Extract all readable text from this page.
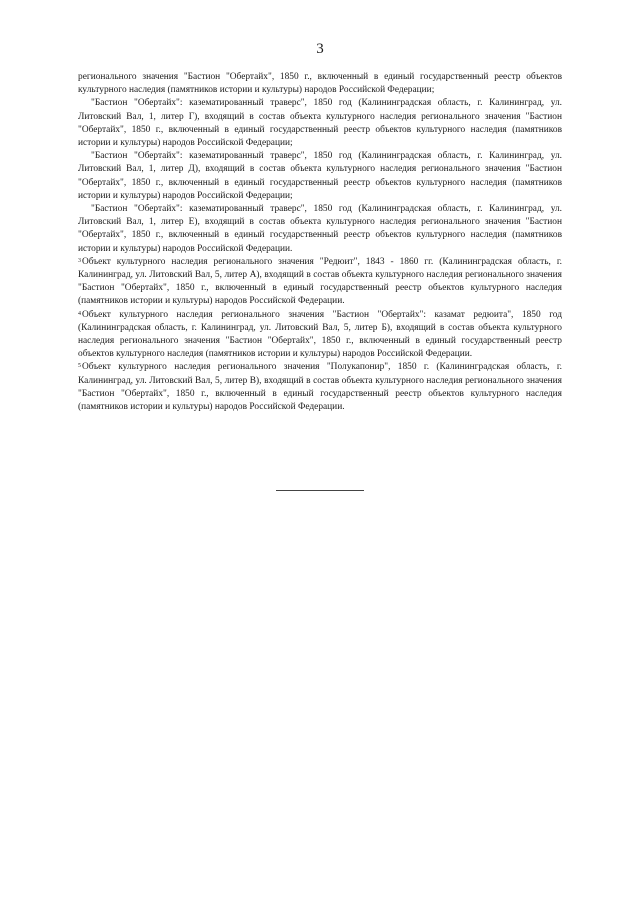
3

регионального значения "Бастион "Обертайх", 1850 г., включенный в единый государственный реестр объектов культурного наследия (памятников истории и культуры) народов Российской Федерации;

"Бастион "Обертайх": казематированный траверс", 1850 год (Калининградская область, г. Калининград, ул. Литовский Вал, 1, литер Г), входящий в состав объекта культурного наследия регионального значения "Бастион "Обертайх", 1850 г., включенный в единый государственный реестр объектов культурного наследия (памятников истории и культуры) народов Российской Федерации;

"Бастион "Обертайх": казематированный траверс", 1850 год (Калининградская область, г. Калининград, ул. Литовский Вал, 1, литер Д), входящий в состав объекта культурного наследия регионального значения "Бастион "Обертайх", 1850 г., включенный в единый государственный реестр объектов культурного наследия (памятников истории и культуры) народов Российской Федерации;

"Бастион "Обертайх": казематированный траверс", 1850 год (Калининградская область, г. Калининград, ул. Литовский Вал, 1, литер Е), входящий в состав объекта культурного наследия регионального значения "Бастион "Обертайх", 1850 г., включенный в единый государственный реестр объектов культурного наследия (памятников истории и культуры) народов Российской Федерации.

$^3$Объект культурного наследия регионального значения "Редюит", 1843 - 1860 гг. (Калининградская область, г. Калининград, ул. Литовский Вал, 5, литер А), входящий в состав объекта культурного наследия регионального значения "Бастион "Обертайх", 1850 г., включенный в единый государственный реестр объектов культурного наследия (памятников истории и культуры) народов Российской Федерации.

$^4$Объект культурного наследия регионального значения "Бастион "Обертайх": казамат редюита", 1850 год (Калининградская область, г. Калининград, ул. Литовский Вал, 5, литер Б), входящий в состав объекта культурного наследия регионального значения "Бастион "Обертайх", 1850 г., включенный в единый государственный реестр объектов культурного наследия (памятников истории и культуры) народов Российской Федерации.

$^5$Объект культурного наследия регионального значения "Полукапонир", 1850 г. (Калининградская область, г. Калининград, ул. Литовский Вал, 5, литер В), входящий в состав объекта культурного наследия регионального значения "Бастион "Обертайх", 1850 г., включенный в единый государственный реестр объектов культурного наследия (памятников истории и культуры) народов Российской Федерации.
